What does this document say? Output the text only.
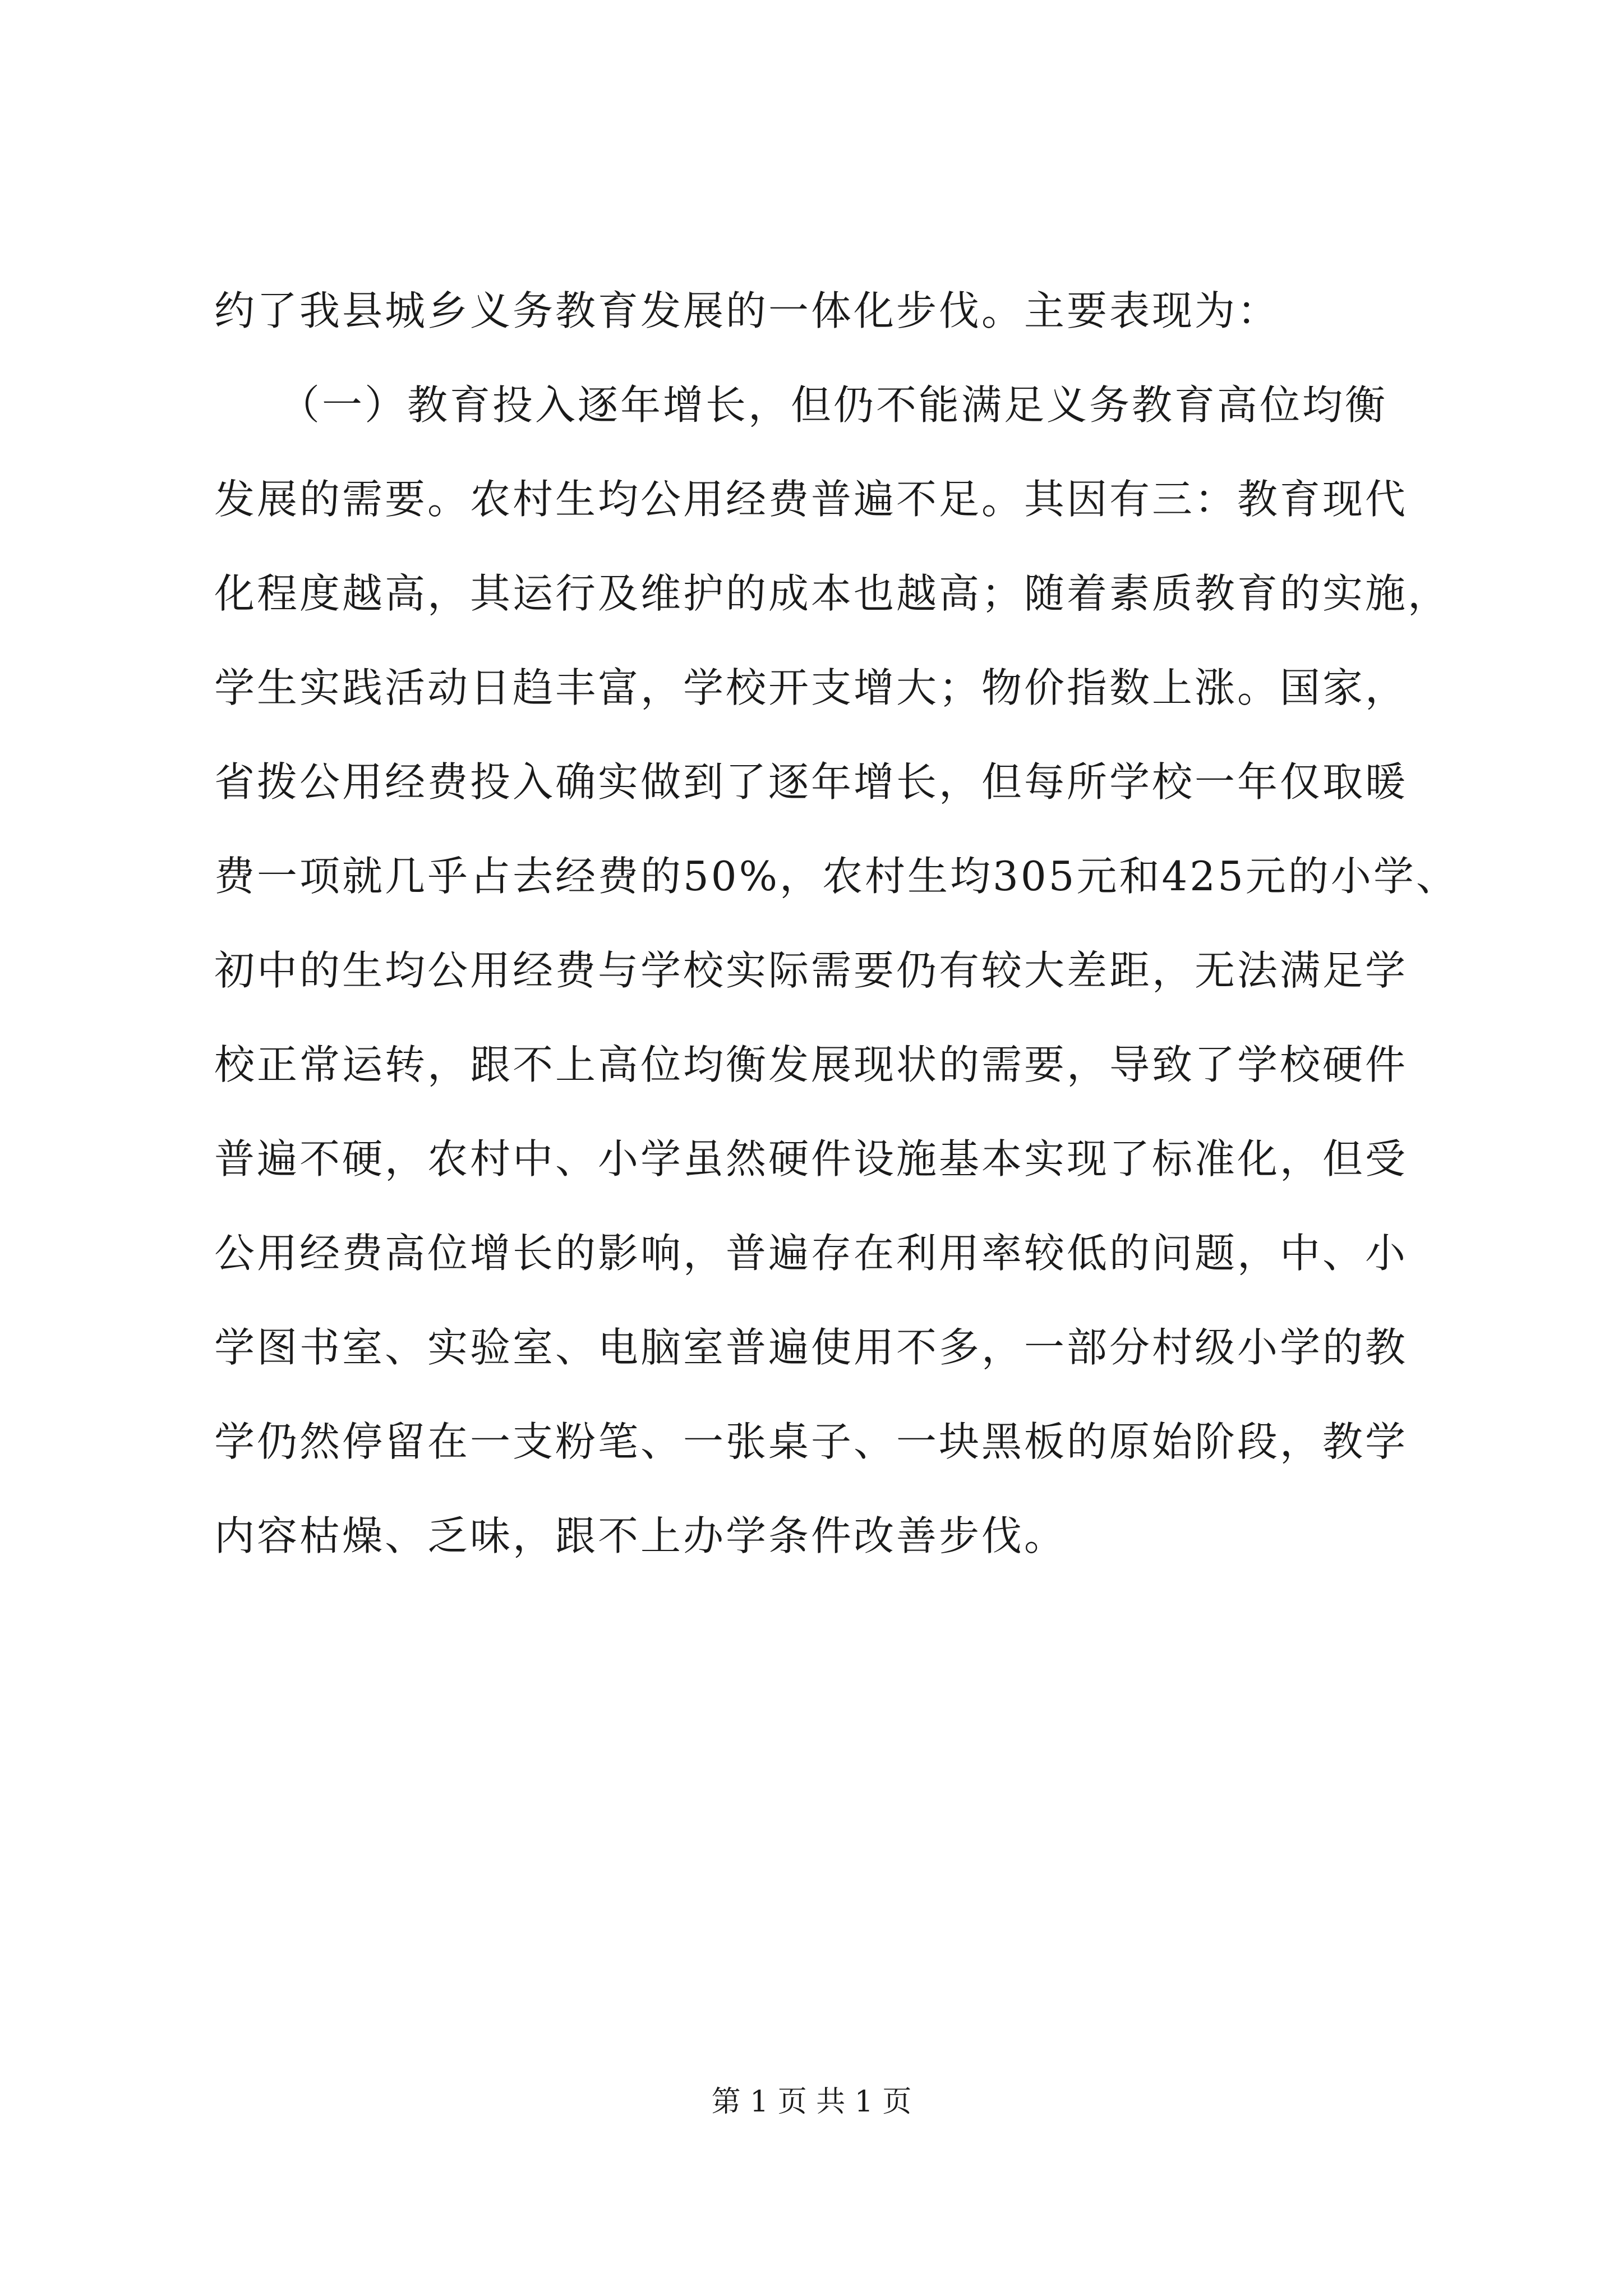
约了我县城乡义务教育发展的一体化步伐。主要表现为：
　　（一）教育投入逐年增长，但仍不能满足义务教育高位均衡
发展的需要。农村生均公用经费普遍不足。其因有三：教育现代
化程度越高，其运行及维护的成本也越高；随着素质教育的实施，
学生实践活动日趋丰富，学校开支增大；物价指数上涨。国家，
省拨公用经费投入确实做到了逐年增长，但每所学校一年仅取暖
费一项就几乎占去经费的50%，农村生均305元和425元的小学、
初中的生均公用经费与学校实际需要仍有较大差距，无法满足学
校正常运转，跟不上高位均衡发展现状的需要，导致了学校硬件
普遍不硬，农村中、小学虽然硬件设施基本实现了标准化，但受
公用经费高位增长的影响，普遍存在利用率较低的问题，中、小
学图书室、实验室、电脑室普遍使用不多，一部分村级小学的教
学仍然停留在一支粉笔、一张桌子、一块黑板的原始阶段，教学
内容枯燥、乏味，跟不上办学条件改善步伐。
第 1 页 共 1 页
